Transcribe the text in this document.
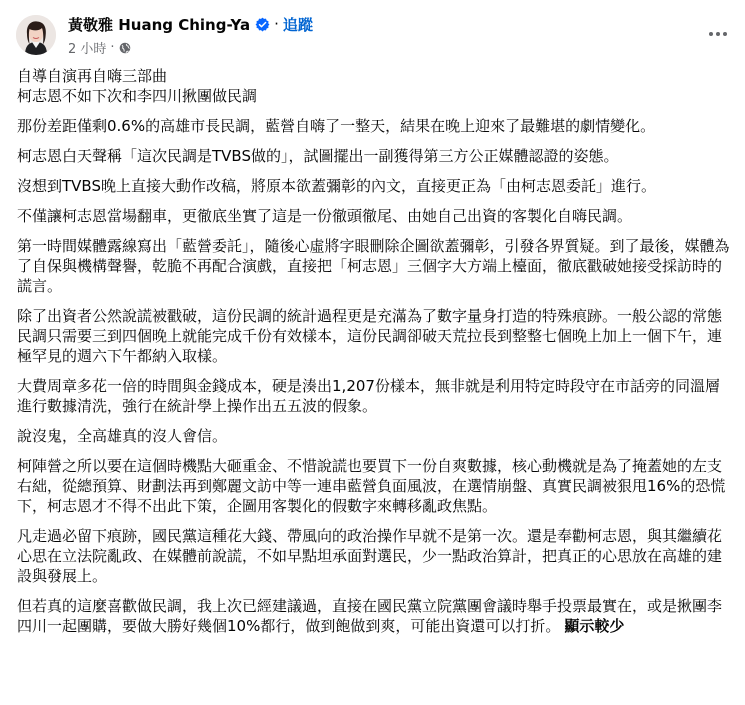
黃敬雅 Huang Ching-Ya · 追蹤
2 小時 ·

自導自演再自嗨三部曲
柯志恩不如下次和李四川揪團做民調

那份差距僅剩0.6%的高雄市長民調，藍營自嗨了一整天，結果在晚上迎來了最難堪的劇情變化。

柯志恩白天聲稱「這次民調是TVBS做的」，試圖擺出一副獲得第三方公正媒體認證的姿態。

沒想到TVBS晚上直接大動作改稿，將原本欲蓋彌彰的內文，直接更正為「由柯志恩委託」進行。

不僅讓柯志恩當場翻車，更徹底坐實了這是一份徹頭徹尾、由她自己出資的客製化自嗨民調。

第一時間媒體露線寫出「藍營委託」，隨後心虛將字眼刪除企圖欲蓋彌彰，引發各界質疑。到了最後，媒體為了自保與機構聲譽，乾脆不再配合演戲，直接把「柯志恩」三個字大方端上檯面，徹底戳破她接受採訪時的謊言。

除了出資者公然說謊被戳破，這份民調的統計過程更是充滿為了數字量身打造的特殊痕跡。一般公認的常態民調只需要三到四個晚上就能完成千份有效樣本，這份民調卻破天荒拉長到整整七個晚上加上一個下午，連極罕見的週六下午都納入取樣。

大費周章多花一倍的時間與金錢成本，硬是湊出1,207份樣本，無非就是利用特定時段守在市話旁的同溫層進行數據清洗，強行在統計學上操作出五五波的假象。

說沒鬼，全高雄真的沒人會信。

柯陣營之所以要在這個時機點大砸重金、不惜說謊也要買下一份自爽數據，核心動機就是為了掩蓋她的左支右絀，從總預算、財劃法再到鄭麗文訪中等一連串藍營負面風波，在選情崩盤、真實民調被狠甩16%的恐慌下，柯志恩才不得不出此下策，企圖用客製化的假數字來轉移亂政焦點。

凡走過必留下痕跡，國民黨這種花大錢、帶風向的政治操作早就不是第一次。還是奉勸柯志恩，與其繼續花心思在立法院亂政、在媒體前說謊，不如早點坦承面對選民，少一點政治算計，把真正的心思放在高雄的建設與發展上。

但若真的這麼喜歡做民調，我上次已經建議過，直接在國民黨立院黨團會議時舉手投票最實在，或是揪團李四川一起團購，要做大勝好幾個10%都行，做到飽做到爽，可能出資還可以打折。 顯示較少
